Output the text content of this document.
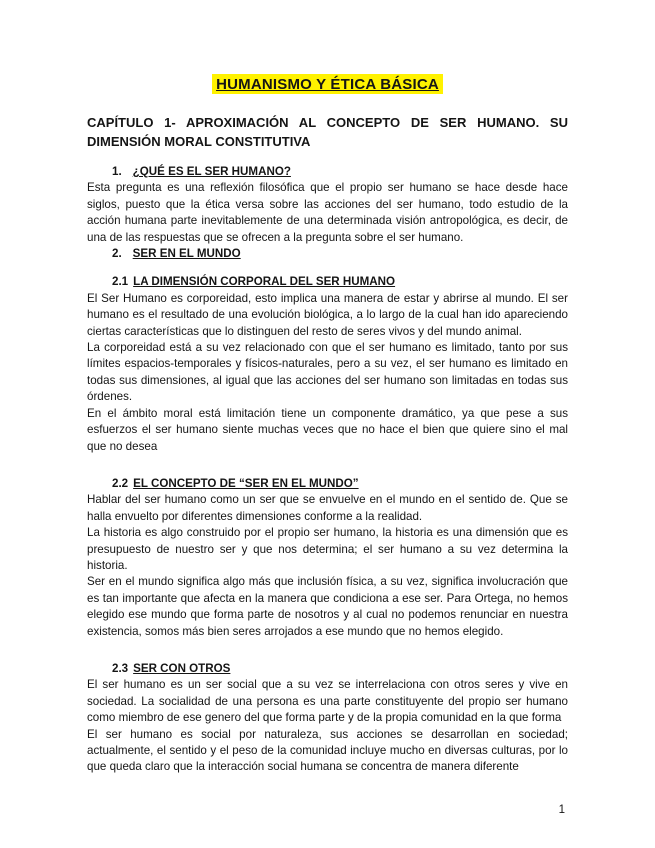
HUMANISMO Y ÉTICA BÁSICA

CAPÍTULO 1- APROXIMACIÓN AL CONCEPTO DE SER HUMANO. SU DIMENSIÓN MORAL CONSTITUTIVA

1. ¿QUÉ ES EL SER HUMANO?

Esta pregunta es una reflexión filosófica que el propio ser humano se hace desde hace siglos, puesto que la ética versa sobre las acciones del ser humano, todo estudio de la acción humana parte inevitablemente de una determinada visión antropológica, es decir, de una de las respuestas que se ofrecen a la pregunta sobre el ser humano.

2. SER EN EL MUNDO

2.1 LA DIMENSIÓN CORPORAL DEL SER HUMANO

El Ser Humano es corporeidad, esto implica una manera de estar y abrirse al mundo. El ser humano es el resultado de una evolución biológica, a lo largo de la cual han ido apareciendo ciertas características que lo distinguen del resto de seres vivos y del mundo animal.

La corporeidad está a su vez relacionado con que el ser humano es limitado, tanto por sus límites espacios-temporales y físicos-naturales, pero a su vez, el ser humano es limitado en todas sus dimensiones, al igual que las acciones del ser humano son limitadas en todas sus órdenes.

En el ámbito moral está limitación tiene un componente dramático, ya que pese a sus esfuerzos el ser humano siente muchas veces que no hace el bien que quiere sino el mal que no desea

2.2 EL CONCEPTO DE “SER EN EL MUNDO”

Hablar del ser humano como un ser que se envuelve en el mundo en el sentido de. Que se halla envuelto por diferentes dimensiones conforme a la realidad.

La historia es algo construido por el propio ser humano, la historia es una dimensión que es presupuesto de nuestro ser y que nos determina; el ser humano a su vez determina la historia.

Ser en el mundo significa algo más que inclusión física, a su vez, significa involucración que es tan importante que afecta en la manera que condiciona a ese ser. Para Ortega, no hemos elegido ese mundo que forma parte de nosotros y al cual no podemos renunciar en nuestra existencia, somos más bien seres arrojados a ese mundo que no hemos elegido.

2.3 SER CON OTROS

El ser humano es un ser social que a su vez se interrelaciona con otros seres y vive en sociedad. La socialidad de una persona es una parte constituyente del propio ser humano como miembro de ese genero del que forma parte y de la propia comunidad en la que forma

El ser humano es social por naturaleza, sus acciones se desarrollan en sociedad; actualmente, el sentido y el peso de la comunidad incluye mucho en diversas culturas, por lo que queda claro que la interacción social humana se concentra de manera diferente

1
